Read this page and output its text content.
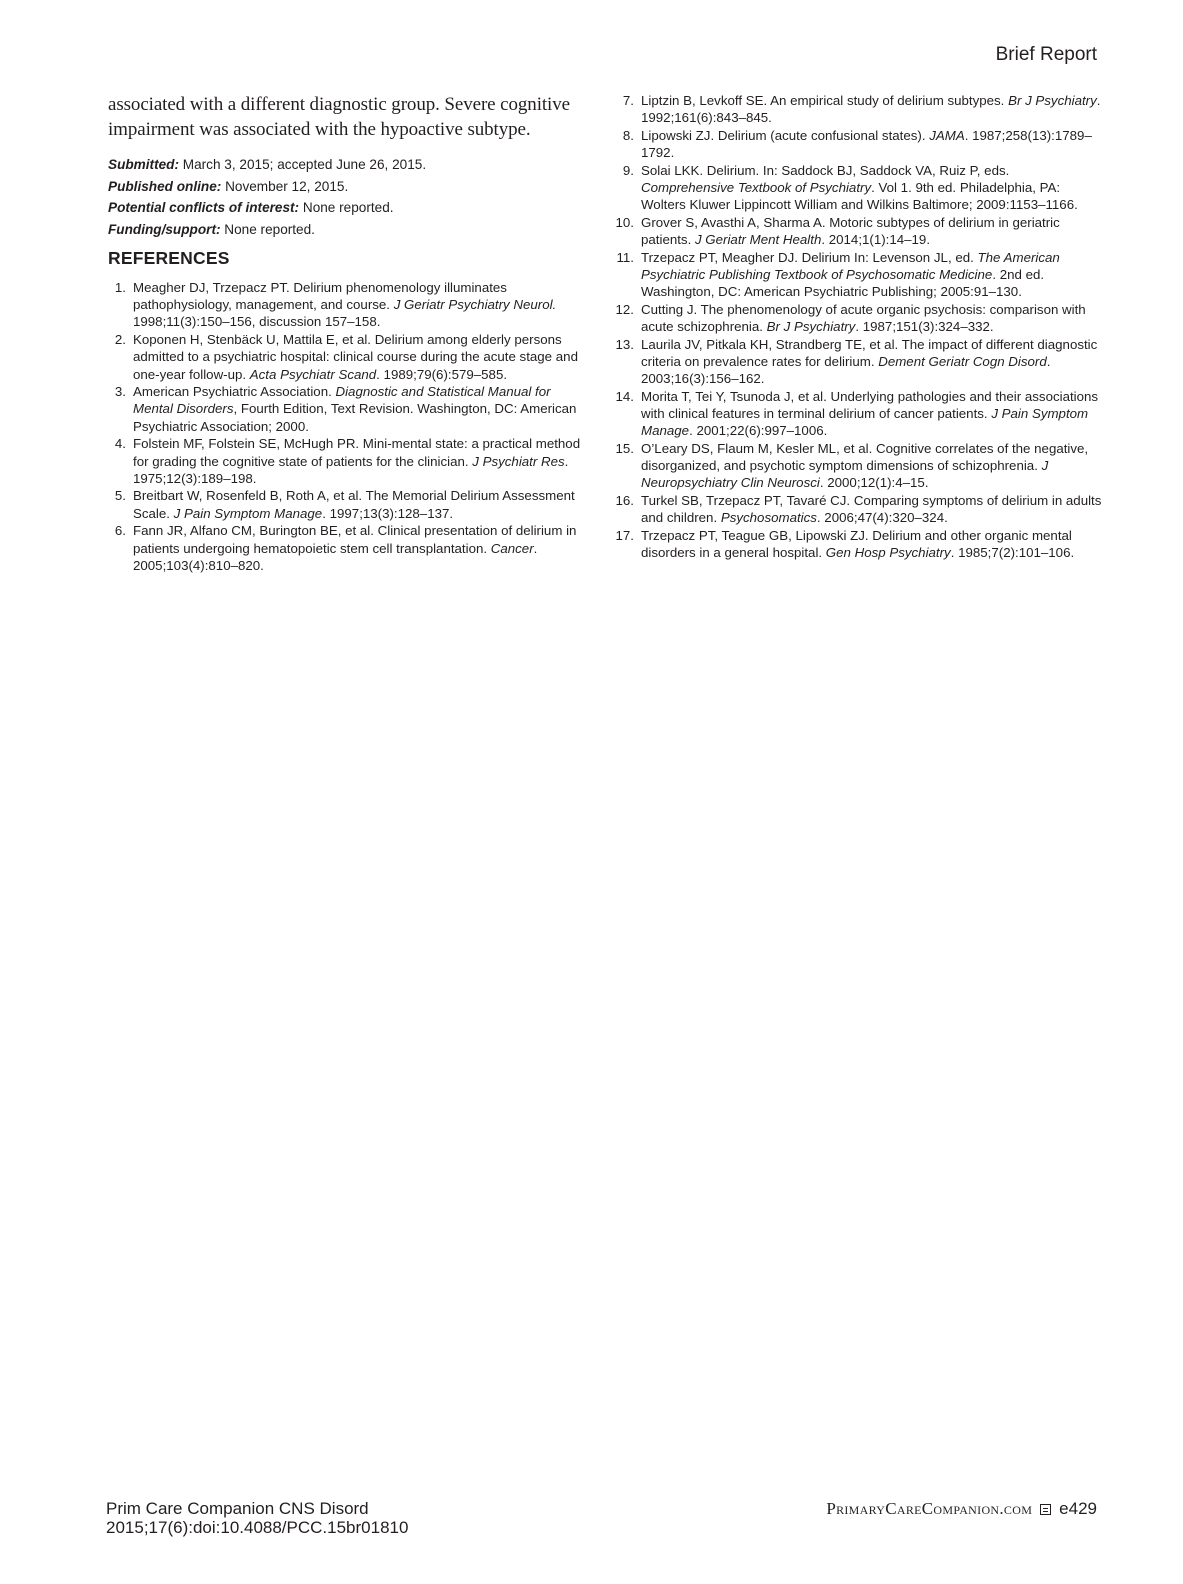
Brief Report

associated with a different diagnostic group. Severe cognitive impairment was associated with the hypoactive subtype.

Submitted: March 3, 2015; accepted June 26, 2015.

Published online: November 12, 2015.

Potential conflicts of interest: None reported.

Funding/support: None reported.

REFERENCES
1. Meagher DJ, Trzepacz PT. Delirium phenomenology illuminates pathophysiology, management, and course. J Geriatr Psychiatry Neurol. 1998;11(3):150–156, discussion 157–158.
2. Koponen H, Stenbäck U, Mattila E, et al. Delirium among elderly persons admitted to a psychiatric hospital: clinical course during the acute stage and one-year follow-up. Acta Psychiatr Scand. 1989;79(6):579–585.
3. American Psychiatric Association. Diagnostic and Statistical Manual for Mental Disorders, Fourth Edition, Text Revision. Washington, DC: American Psychiatric Association; 2000.
4. Folstein MF, Folstein SE, McHugh PR. Mini-mental state: a practical method for grading the cognitive state of patients for the clinician. J Psychiatr Res. 1975;12(3):189–198.
5. Breitbart W, Rosenfeld B, Roth A, et al. The Memorial Delirium Assessment Scale. J Pain Symptom Manage. 1997;13(3):128–137.
6. Fann JR, Alfano CM, Burington BE, et al. Clinical presentation of delirium in patients undergoing hematopoietic stem cell transplantation. Cancer. 2005;103(4):810–820.
7. Liptzin B, Levkoff SE. An empirical study of delirium subtypes. Br J Psychiatry. 1992;161(6):843–845.
8. Lipowski ZJ. Delirium (acute confusional states). JAMA. 1987;258(13):1789–1792.
9. Solai LKK. Delirium. In: Saddock BJ, Saddock VA, Ruiz P, eds. Comprehensive Textbook of Psychiatry. Vol 1. 9th ed. Philadelphia, PA: Wolters Kluwer Lippincott William and Wilkins Baltimore; 2009:1153–1166.
10. Grover S, Avasthi A, Sharma A. Motoric subtypes of delirium in geriatric patients. J Geriatr Ment Health. 2014;1(1):14–19.
11. Trzepacz PT, Meagher DJ. Delirium In: Levenson JL, ed. The American Psychiatric Publishing Textbook of Psychosomatic Medicine. 2nd ed. Washington, DC: American Psychiatric Publishing; 2005:91–130.
12. Cutting J. The phenomenology of acute organic psychosis: comparison with acute schizophrenia. Br J Psychiatry. 1987;151(3):324–332.
13. Laurila JV, Pitkala KH, Strandberg TE, et al. The impact of different diagnostic criteria on prevalence rates for delirium. Dement Geriatr Cogn Disord. 2003;16(3):156–162.
14. Morita T, Tei Y, Tsunoda J, et al. Underlying pathologies and their associations with clinical features in terminal delirium of cancer patients. J Pain Symptom Manage. 2001;22(6):997–1006.
15. O’Leary DS, Flaum M, Kesler ML, et al. Cognitive correlates of the negative, disorganized, and psychotic symptom dimensions of schizophrenia. J Neuropsychiatry Clin Neurosci. 2000;12(1):4–15.
16. Turkel SB, Trzepacz PT, Tavaré CJ. Comparing symptoms of delirium in adults and children. Psychosomatics. 2006;47(4):320–324.
17. Trzepacz PT, Teague GB, Lipowski ZJ. Delirium and other organic mental disorders in a general hospital. Gen Hosp Psychiatry. 1985;7(2):101–106.
Prim Care Companion CNS Disord
2015;17(6):doi:10.4088/PCC.15br01810
PrimaryCareCompanion.com e429
